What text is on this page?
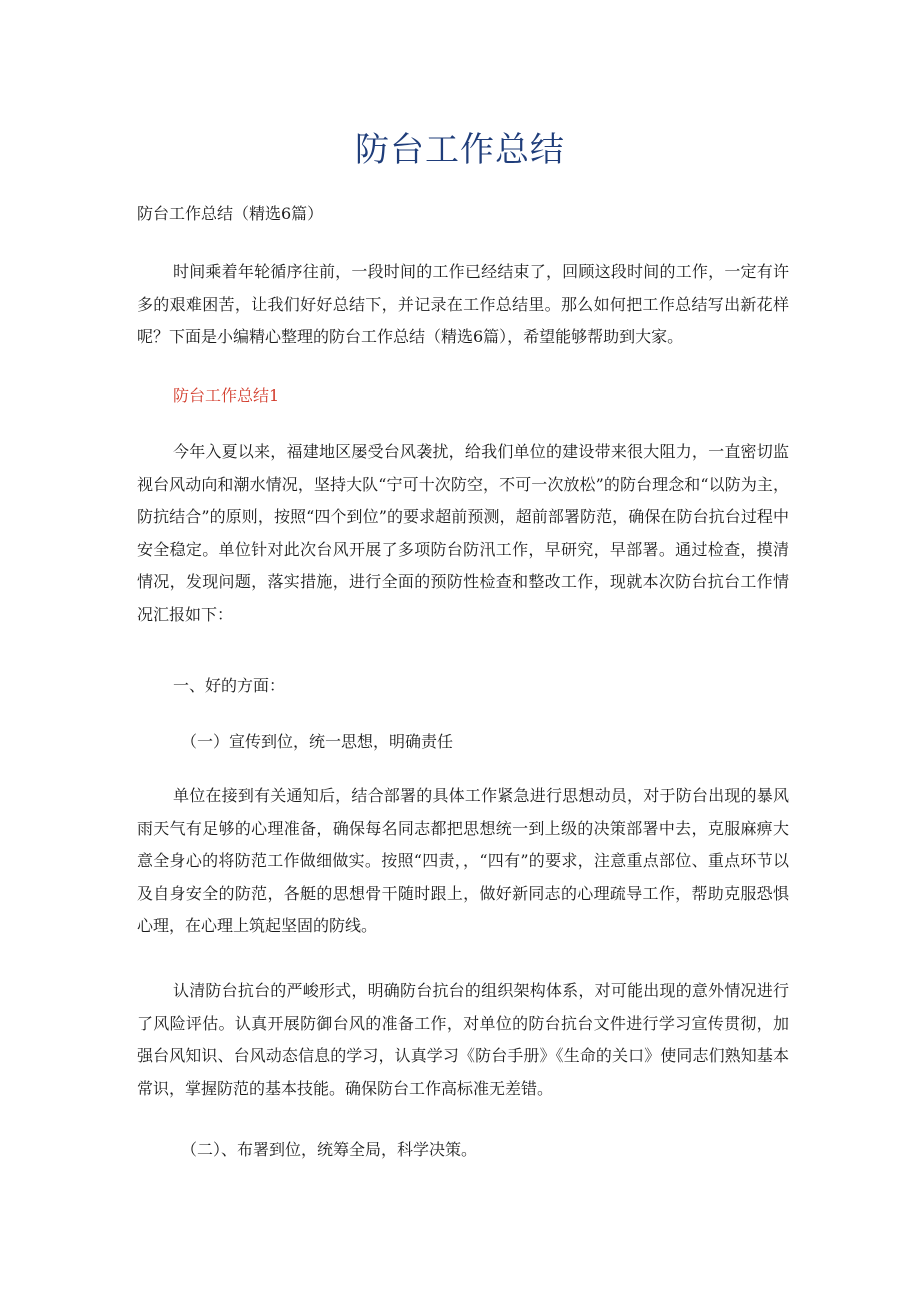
防台工作总结

防台工作总结（精选6篇）

时间乘着年轮循序往前，一段时间的工作已经结束了，回顾这段时间的工作，一定有许多的艰难困苦，让我们好好总结下，并记录在工作总结里。那么如何把工作总结写出新花样呢？下面是小编精心整理的防台工作总结（精选6篇），希望能够帮助到大家。

防台工作总结1

今年入夏以来，福建地区屡受台风袭扰，给我们单位的建设带来很大阻力，一直密切监视台风动向和潮水情况，坚持大队“宁可十次防空，不可一次放松”的防台理念和“以防为主，防抗结合”的原则，按照“四个到位”的要求超前预测，超前部署防范，确保在防台抗台过程中安全稳定。单位针对此次台风开展了多项防台防汛工作，早研究，早部署。通过检查，摸清情况，发现问题，落实措施，进行全面的预防性检查和整改工作，现就本次防台抗台工作情况汇报如下：

一、好的方面：

（一）宣传到位，统一思想，明确责任

单位在接到有关通知后，结合部署的具体工作紧急进行思想动员，对于防台出现的暴风雨天气有足够的心理准备，确保每名同志都把思想统一到上级的决策部署中去，克服麻痹大意全身心的将防范工作做细做实。按照“四责，，“四有”的要求，注意重点部位、重点环节以及自身安全的防范，各艇的思想骨干随时跟上，做好新同志的心理疏导工作，帮助克服恐惧心理，在心理上筑起坚固的防线。

认清防台抗台的严峻形式，明确防台抗台的组织架构体系，对可能出现的意外情况进行了风险评估。认真开展防御台风的准备工作，对单位的防台抗台文件进行学习宣传贯彻，加强台风知识、台风动态信息的学习，认真学习《防台手册》《生命的关口》使同志们熟知基本常识，掌握防范的基本技能。确保防台工作高标准无差错。

（二）、布署到位，统筹全局，科学决策。
